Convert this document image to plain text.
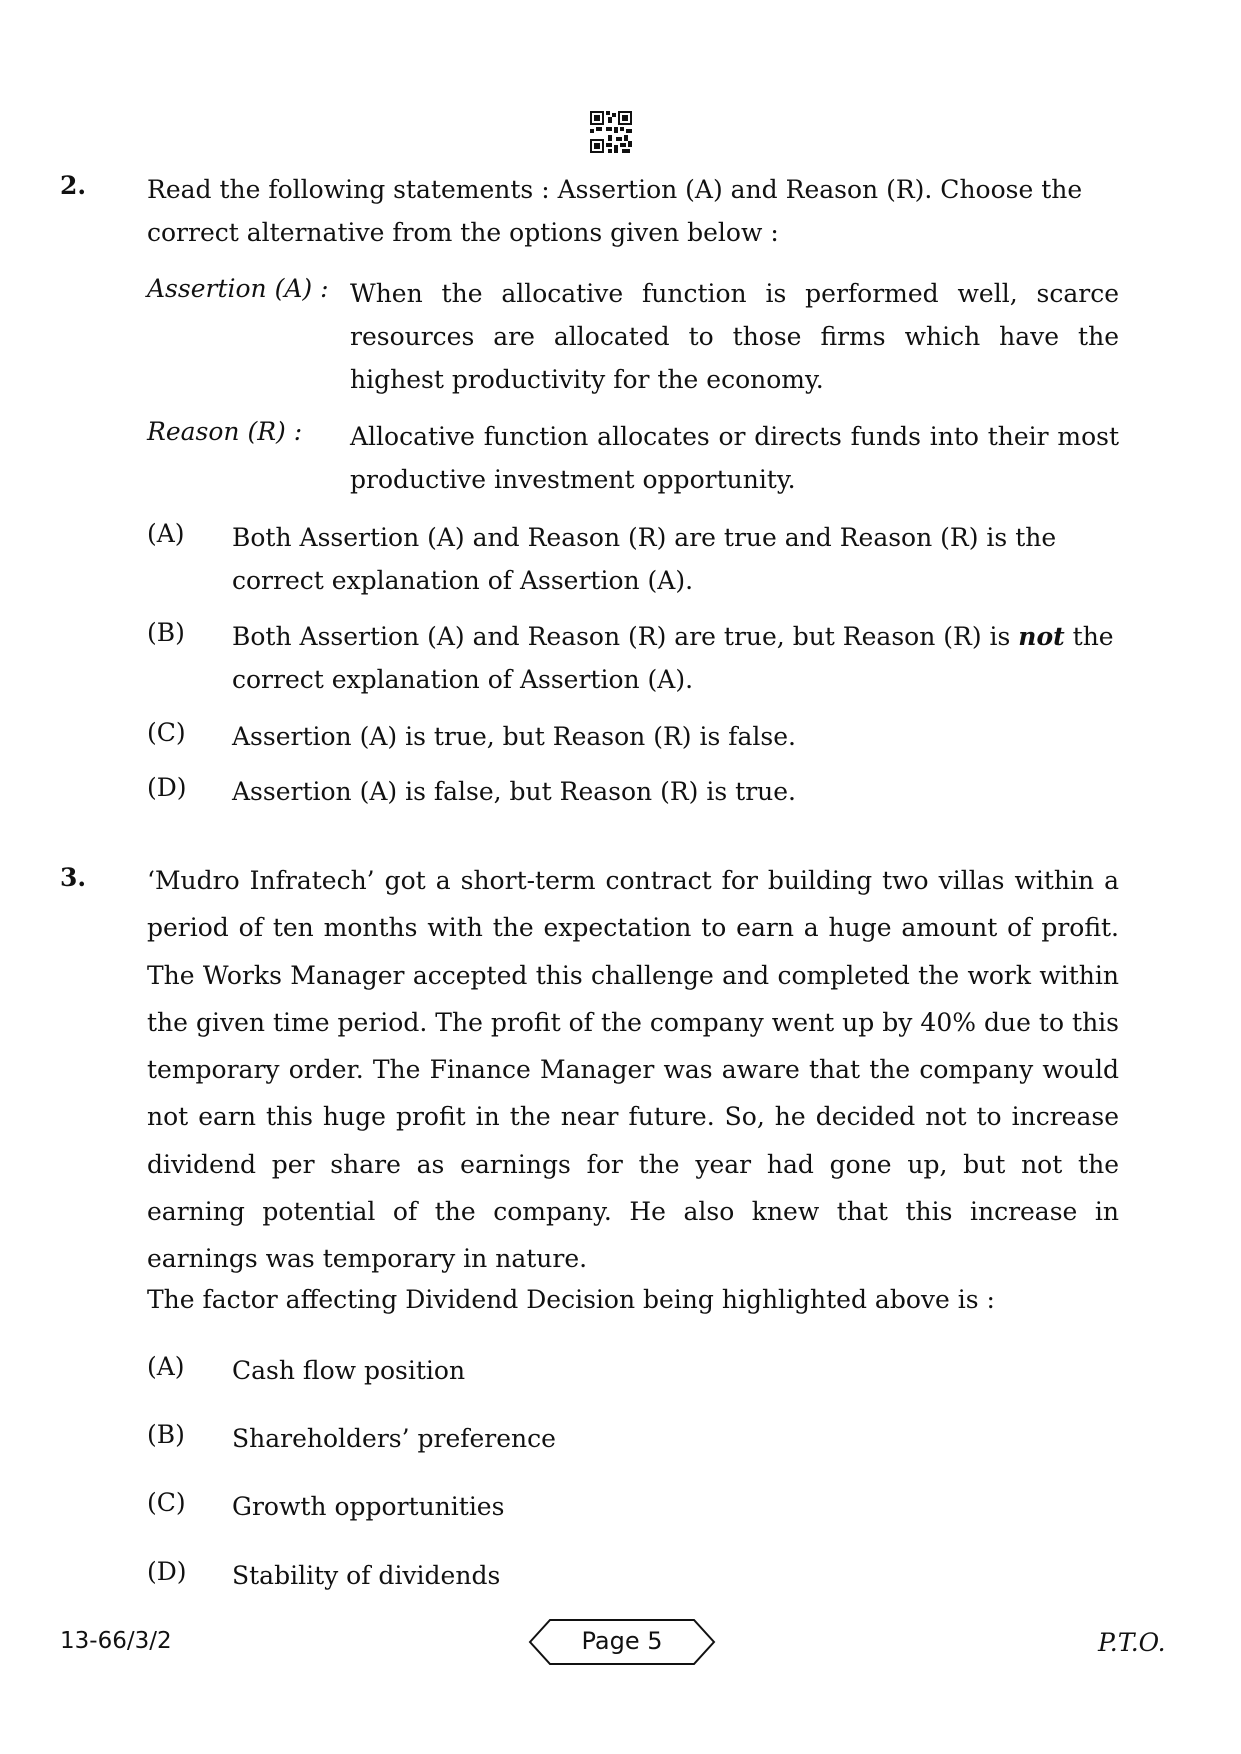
2. Read the following statements : Assertion (A) and Reason (R). Choose the correct alternative from the options given below :
Assertion (A) : When the allocative function is performed well, scarce resources are allocated to those firms which have the highest productivity for the economy.
Reason (R) : Allocative function allocates or directs funds into their most productive investment opportunity.
(A) Both Assertion (A) and Reason (R) are true and Reason (R) is the correct explanation of Assertion (A).
(B) Both Assertion (A) and Reason (R) are true, but Reason (R) is not the correct explanation of Assertion (A).
(C) Assertion (A) is true, but Reason (R) is false.
(D) Assertion (A) is false, but Reason (R) is true.
3. ‘Mudro Infratech’ got a short-term contract for building two villas within a period of ten months with the expectation to earn a huge amount of profit. The Works Manager accepted this challenge and completed the work within the given time period. The profit of the company went up by 40% due to this temporary order. The Finance Manager was aware that the company would not earn this huge profit in the near future. So, he decided not to increase dividend per share as earnings for the year had gone up, but not the earning potential of the company. He also knew that this increase in earnings was temporary in nature.
The factor affecting Dividend Decision being highlighted above is :
(A) Cash flow position
(B) Shareholders’ preference
(C) Growth opportunities
(D) Stability of dividends
13-66/3/2	Page 5	P.T.O.
